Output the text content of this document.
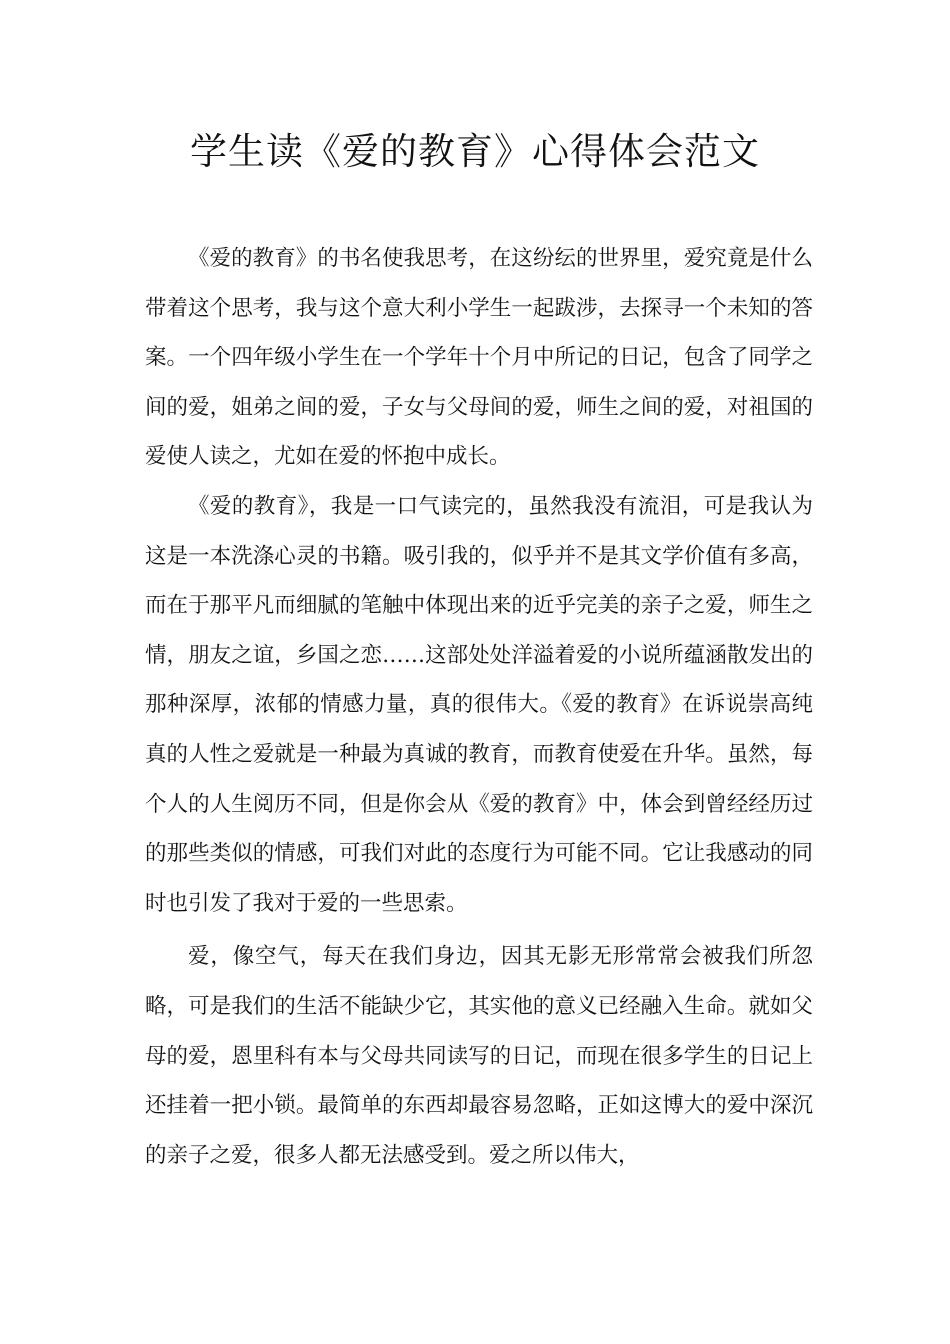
学生读《爱的教育》心得体会范文

《爱的教育》的书名使我思考，在这纷纭的世界里，爱究竟是什么带着这个思考，我与这个意大利小学生一起跋涉，去探寻一个未知的答案。一个四年级小学生在一个学年十个月中所记的日记，包含了同学之间的爱，姐弟之间的爱，子女与父母间的爱，师生之间的爱，对祖国的爱使人读之，尤如在爱的怀抱中成长。

《爱的教育》，我是一口气读完的，虽然我没有流泪，可是我认为这是一本洗涤心灵的书籍。吸引我的，似乎并不是其文学价值有多高，而在于那平凡而细腻的笔触中体现出来的近乎完美的亲子之爱，师生之情，朋友之谊，乡国之恋……这部处处洋溢着爱的小说所蕴涵散发出的那种深厚，浓郁的情感力量，真的很伟大。《爱的教育》在诉说崇高纯真的人性之爱就是一种最为真诚的教育，而教育使爱在升华。虽然，每个人的人生阅历不同，但是你会从《爱的教育》中，体会到曾经经历过的那些类似的情感，可我们对此的态度行为可能不同。它让我感动的同时也引发了我对于爱的一些思索。

爱，像空气，每天在我们身边，因其无影无形常常会被我们所忽略，可是我们的生活不能缺少它，其实他的意义已经融入生命。就如父母的爱，恩里科有本与父母共同读写的日记，而现在很多学生的日记上还挂着一把小锁。最简单的东西却最容易忽略，正如这博大的爱中深沉的亲子之爱，很多人都无法感受到。爱之所以伟大，
